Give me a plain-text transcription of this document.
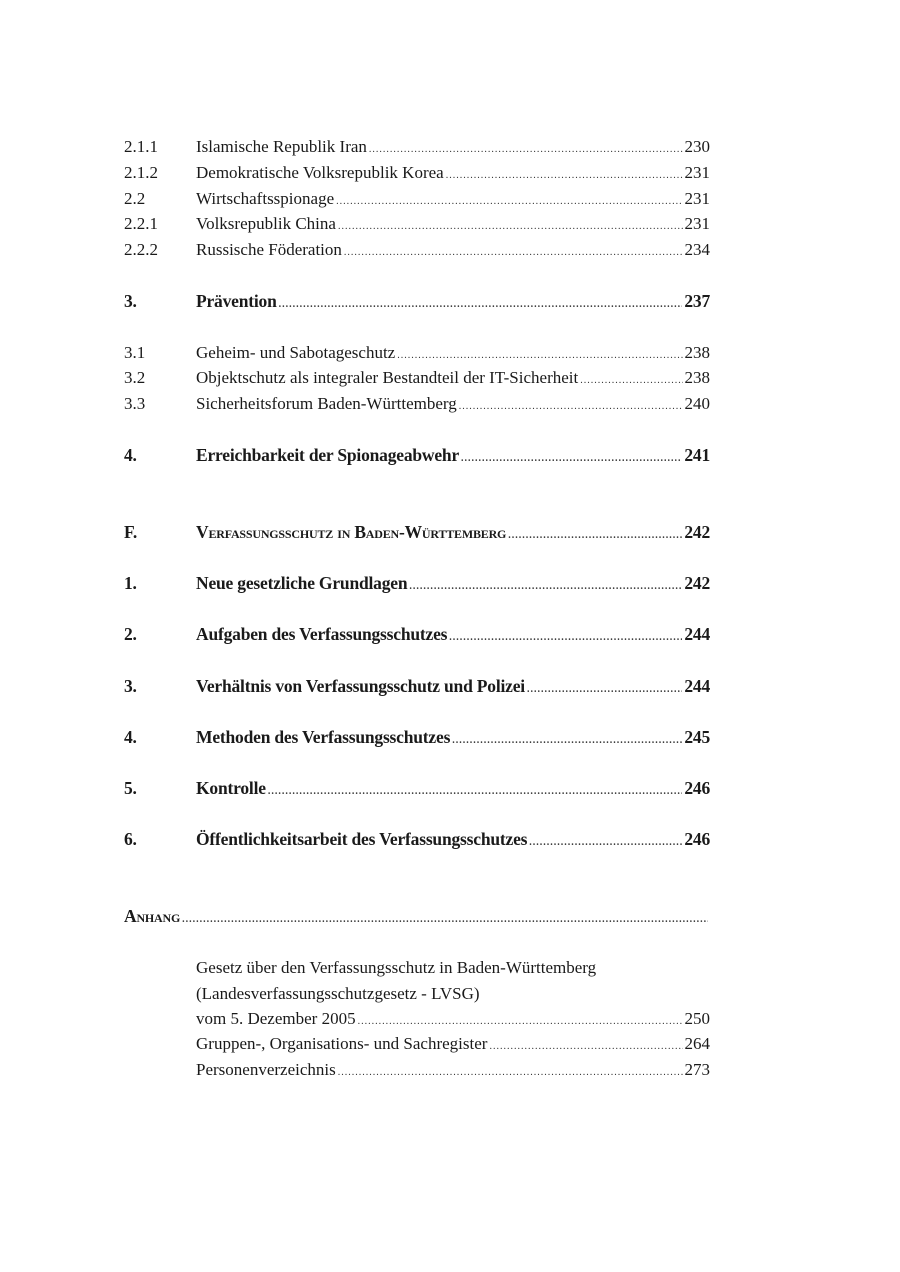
2.1.1	Islamische Republik Iran .....	230
2.1.2	Demokratische Volksrepublik Korea .....	231
2.2	Wirtschaftsspionage .....	231
2.2.1	Volksrepublik China .....	231
2.2.2	Russische Föderation .....	234
3.	Prävention .....	237
3.1	Geheim- und Sabotageschutz .....	238
3.2	Objektschutz als integraler Bestandteil der IT-Sicherheit .....	238
3.3	Sicherheitsforum Baden-Württemberg .....	240
4.	Erreichbarkeit der Spionageabwehr .....	241
F.	Verfassungsschutz in Baden-Württemberg .....	242
1.	Neue gesetzliche Grundlagen .....	242
2.	Aufgaben des Verfassungsschutzes .....	244
3.	Verhältnis von Verfassungsschutz und Polizei .....	244
4.	Methoden des Verfassungsschutzes .....	245
5.	Kontrolle .....	246
6.	Öffentlichkeitsarbeit des Verfassungsschutzes .....	246
Anhang
.....
Gesetz über den Verfassungsschutz in Baden-Württemberg
(Landesverfassungsschutzgesetz - LVSG)
vom 5. Dezember 2005 .....	250
Gruppen-, Organisations- und Sachregister .....	264
Personenverzeichnis .....	273
